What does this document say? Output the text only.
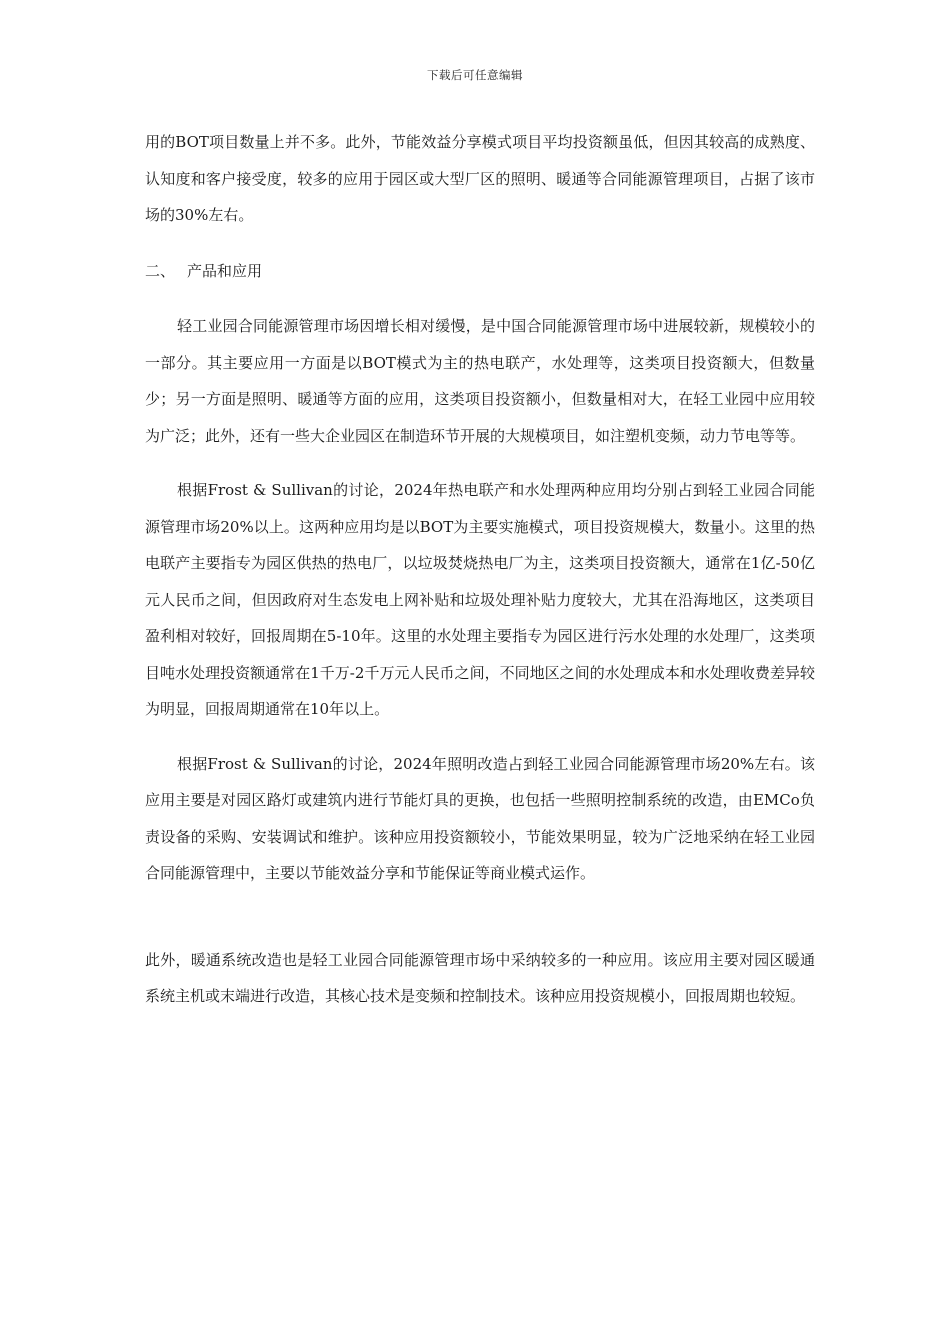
下载后可任意编辑

用的BOT项目数量上并不多。此外，节能效益分享模式项目平均投资额虽低，但因其较高的成熟度、认知度和客户接受度，较多的应用于园区或大型厂区的照明、暖通等合同能源管理项目，占据了该市场的30%左右。

二、 产品和应用

轻工业园合同能源管理市场因增长相对缓慢，是中国合同能源管理市场中进展较新，规模较小的一部分。其主要应用一方面是以BOT模式为主的热电联产，水处理等，这类项目投资额大，但数量少；另一方面是照明、暖通等方面的应用，这类项目投资额小，但数量相对大，在轻工业园中应用较为广泛；此外，还有一些大企业园区在制造环节开展的大规模项目，如注塑机变频，动力节电等等。

根据Frost & Sullivan的讨论，2024年热电联产和水处理两种应用均分别占到轻工业园合同能源管理市场20%以上。这两种应用均是以BOT为主要实施模式，项目投资规模大，数量小。这里的热电联产主要指专为园区供热的热电厂，以垃圾焚烧热电厂为主，这类项目投资额大，通常在1亿-50亿元人民币之间，但因政府对生态发电上网补贴和垃圾处理补贴力度较大，尤其在沿海地区，这类项目盈利相对较好，回报周期在5-10年。这里的水处理主要指专为园区进行污水处理的水处理厂，这类项目吨水处理投资额通常在1千万-2千万元人民币之间，不同地区之间的水处理成本和水处理收费差异较为明显，回报周期通常在10年以上。

根据Frost & Sullivan的讨论，2024年照明改造占到轻工业园合同能源管理市场20%左右。该应用主要是对园区路灯或建筑内进行节能灯具的更换，也包括一些照明控制系统的改造，由EMCo负责设备的采购、安装调试和维护。该种应用投资额较小，节能效果明显，较为广泛地采纳在轻工业园合同能源管理中，主要以节能效益分享和节能保证等商业模式运作。

此外，暖通系统改造也是轻工业园合同能源管理市场中采纳较多的一种应用。该应用主要对园区暖通系统主机或末端进行改造，其核心技术是变频和控制技术。该种应用投资规模小，回报周期也较短。
